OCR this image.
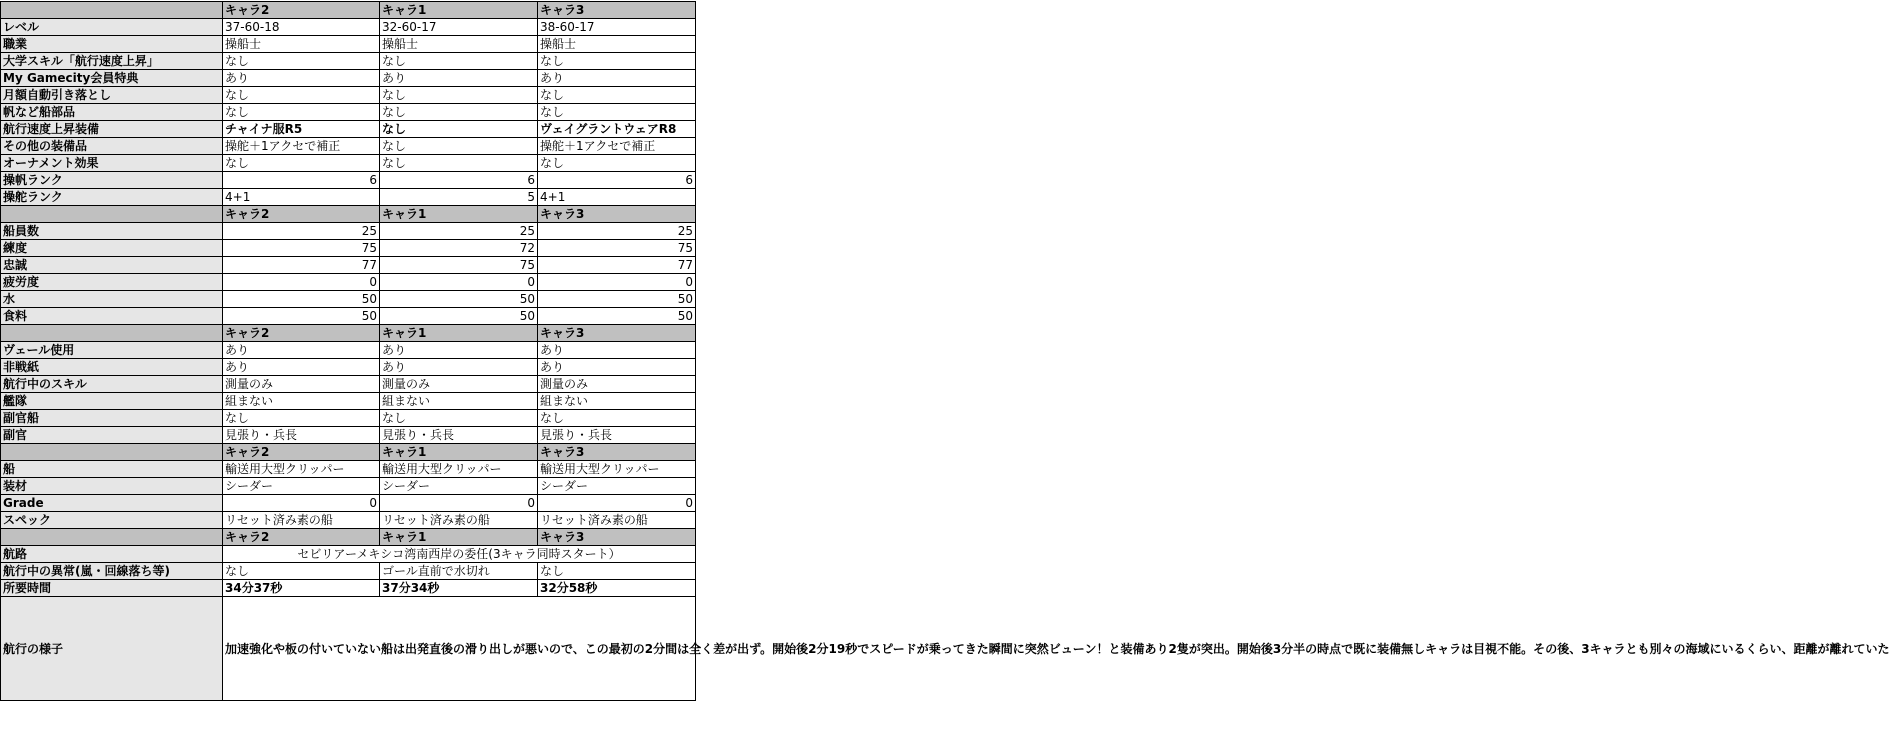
	キャラ2	キャラ1	キャラ3
レベル	37-60-18	32-60-17	38-60-17
職業	操船士	操船士	操船士
大学スキル「航行速度上昇」	なし	なし	なし
My Gamecity会員特典	あり	あり	あり
月額自動引き落とし	なし	なし	なし
帆など船部品	なし	なし	なし
航行速度上昇装備	チャイナ服R5	なし	ヴェイグラントウェアR8
その他の装備品	操舵＋1アクセで補正	なし	操舵＋1アクセで補正
オーナメント効果	なし	なし	なし
操帆ランク	6	6	6
操舵ランク	4+1	5	4+1
	キャラ2	キャラ1	キャラ3
船員数	25	25	25
練度	75	72	75
忠誠	77	75	77
疲労度	0	0	0
水	50	50	50
食料	50	50	50
	キャラ2	キャラ1	キャラ3
ヴェール使用	あり	あり	あり
非戦紙	あり	あり	あり
航行中のスキル	測量のみ	測量のみ	測量のみ
艦隊	組まない	組まない	組まない
副官船	なし	なし	なし
副官	見張り・兵長	見張り・兵長	見張り・兵長
	キャラ2	キャラ1	キャラ3
船	輸送用大型クリッパー	輸送用大型クリッパー	輸送用大型クリッパー
装材	シーダー	シーダー	シーダー
Grade	0	0	0
スペック	リセット済み素の船	リセット済み素の船	リセット済み素の船
	キャラ2	キャラ1	キャラ3
航路	セビリアーメキシコ湾南西岸の委任(3キャラ同時スタート）		
航行中の異常(嵐・回線落ち等)	なし	ゴール直前で水切れ	なし
所要時間	34分37秒	37分34秒	32分58秒
航行の様子	加速強化や板の付いていない船は出発直後の滑り出しが悪いので、この最初の2分間は全く差が出ず。開始後2分19秒でスピードが乗ってきた瞬間に突然ビューン！と装備あり2隻が突出。開始後3分半の時点で既に装備無しキャラは目視不能。その後、3キャラとも別々の海域にいるくらい、距離が離れていた		
